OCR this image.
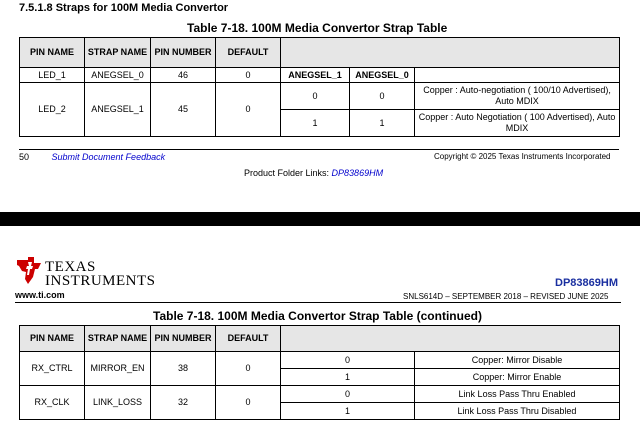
7.5.1.8 Straps for 100M Media Convertor
Table 7-18. 100M Media Convertor Strap Table
PIN NAME	STRAP NAME	PIN NUMBER	DEFAULT			
LED_1	ANEGSEL_0	46	0	ANEGSEL_1	ANEGSEL_0	
LED_2	ANEGSEL_1	45	0	0	0	Copper : Auto-negotiation ( 100/10 Advertised), Auto MDIX
				1	1	Copper : Auto Negotiation ( 100 Advertised), Auto MDIX
50	Submit Document Feedback	Copyright © 2025 Texas Instruments Incorporated
Product Folder Links: DP83869HM
TEXAS
INSTRUMENTS
www.ti.com
DP83869HM
SNLS614D – SEPTEMBER 2018 – REVISED JUNE 2025
Table 7-18. 100M Media Convertor Strap Table (continued)
PIN NAME	STRAP NAME	PIN NUMBER	DEFAULT		
RX_CTRL	MIRROR_EN	38	0	0	Copper: Mirror Disable
				1	Copper: Mirror Enable
RX_CLK	LINK_LOSS	32	0	0	Link Loss Pass Thru Enabled
				1	Link Loss Pass Thru Disabled
